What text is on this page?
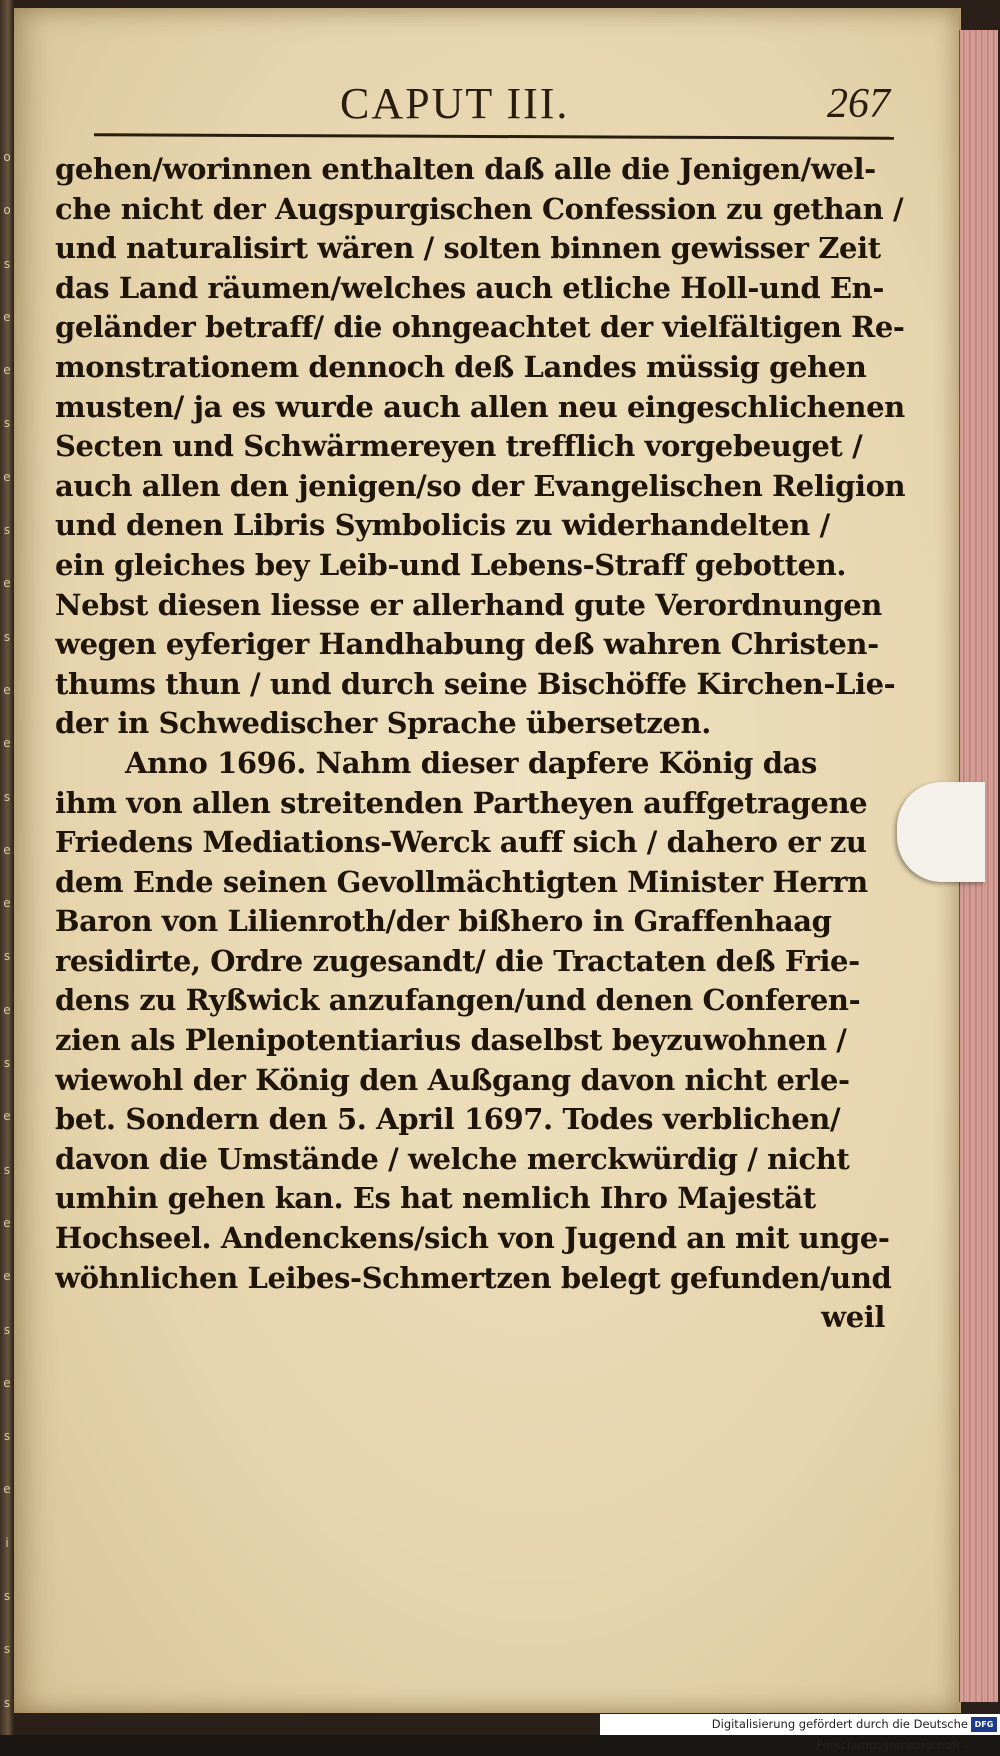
o
o
s
e
e
s
e
s
e
s
e
e
s
e
e
s
e
s
e
s
e
e
s
e
s
e
i
s
s
s
CAPUT III.	267
gehen/worinnen enthalten daß alle die Jenigen/wel-
che nicht der Augspurgischen Confession zu gethan /
und naturalisirt wären / solten binnen gewisser Zeit
das Land räumen/welches auch etliche Holl-und En-
geländer betraff/ die ohngeachtet der vielfältigen Re-
monstrationem dennoch deß Landes müssig gehen
musten/ ja es wurde auch allen neu eingeschlichenen
Secten und Schwärmereyen trefflich vorgebeuget /
auch allen den jenigen/so der Evangelischen Religion
und denen Libris Symbolicis zu widerhandelten /
ein gleiches bey Leib-und Lebens-Straff gebotten.
Nebst diesen liesse er allerhand gute Verordnungen
wegen eyferiger Handhabung deß wahren Christen-
thums thun / und durch seine Bischöffe Kirchen-Lie-
der in Schwedischer Sprache übersetzen.
Anno 1696. Nahm dieser dapfere König das
ihm von allen streitenden Partheyen auffgetragene
Friedens Mediations-Werck auff sich / dahero er zu
dem Ende seinen Gevollmächtigten Minister Herrn
Baron von Lilienroth/der bißhero in Graffenhaag
residirte, Ordre zugesandt/ die Tractaten deß Frie-
dens zu Ryßwick anzufangen/und denen Conferen-
zien als Plenipotentiarius daselbst beyzuwohnen /
wiewohl der König den Außgang davon nicht erle-
bet. Sondern den 5. April 1697. Todes verblichen/
davon die Umstände / welche merckwürdig / nicht
umhin gehen kan. Es hat nemlich Ihro Majestät
Hochseel. Andenckens/sich von Jugend an mit unge-
wöhnlichen Leibes-Schmertzen belegt gefunden/und
weil
Digitalisierung gefördert durch die Deutsche Forschungsgemeinschaft -
DFG
